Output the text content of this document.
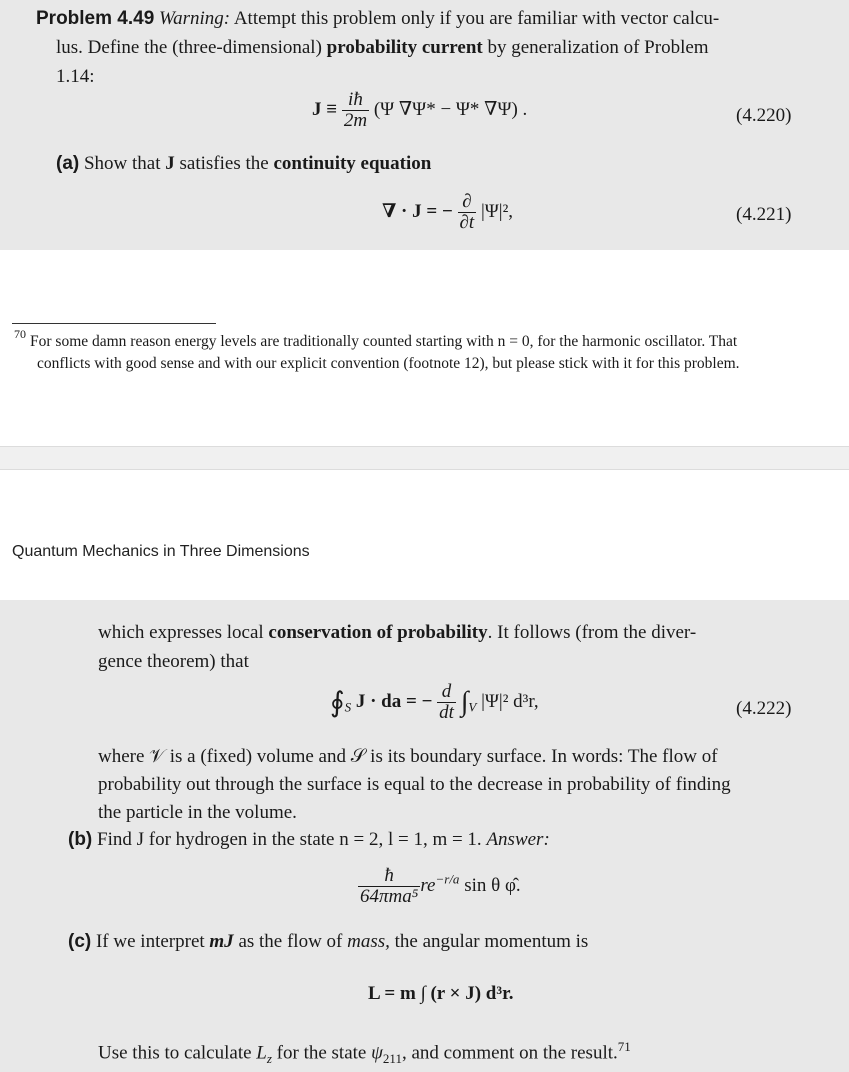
Problem 4.49 Warning: Attempt this problem only if you are familiar with vector calcu-
lus. Define the (three-dimensional) probability current by generalization of Problem
1.14:
$J \equiv \frac{iħ}{2m} (\Psi$ ∇Ψ* − Ψ* ∇Ψ) .	(4.220)
(a) Show that J satisfies the continuity equation
∇ · J = − $\frac{\partial}{\partial t} |\Psi|^2$,	(4.221)
$^{70}$ For some damn reason energy levels are traditionally counted starting with n = 0, for the harmonic oscillator. That
conflicts with good sense and with our explicit convention (footnote 12), but please stick with it for this problem.
Quantum Mechanics in Three Dimensions
which expresses local conservation of probability. It follows (from the diver-
gence theorem) that
$∮_S$ J · da = − $\frac{d}{dt} \int_V$ |Ψ|² d³r,	(4.222)
where 𝒱 is a (fixed) volume and 𝒮 is its boundary surface. In words: The flow of
probability out through the surface is equal to the decrease in probability of finding
the particle in the volume.
(b) Find J for hydrogen in the state n = 2, l = 1, m = 1. Answer:
$\frac{ħ}{\text{64πma⁵}} re^{-r/a}$ sin θ φ̂.
(c) If we interpret mJ as the flow of mass, the angular momentum is
L = m ∫ (r × J) d³r.
Use this to calculate $L_z$ for the state $\psi_{211}$, and comment on the result.$^{71}$
